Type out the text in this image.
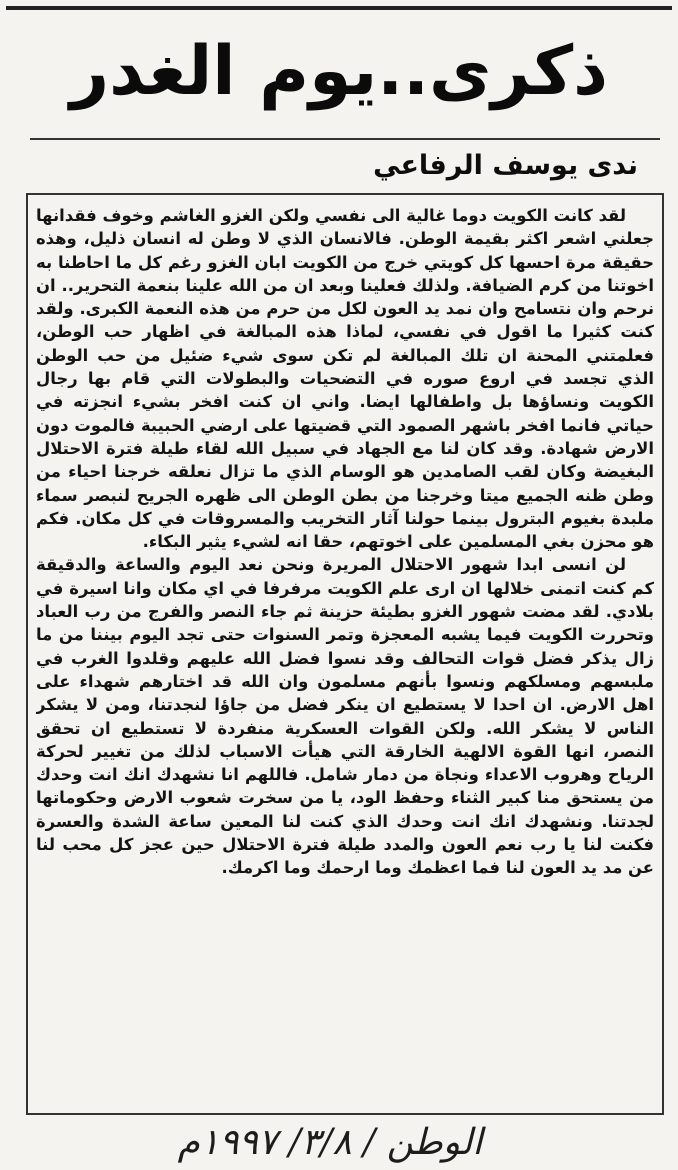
ذكرى..يوم الغدر
ندى يوسف الرفاعي

لقد كانت الكويت دوما غالية الى نفسي ولكن الغزو الغاشم وخوف فقدانها جعلني اشعر اكثر بقيمة الوطن. فالانسان الذي لا وطن له انسان ذليل، وهذه حقيقة مرة احسها كل كويتي خرج من الكويت ابان الغزو رغم كل ما احاطنا به اخوتنا من كرم الضيافة. ولذلك فعلينا وبعد ان من الله علينا بنعمة التحرير.. ان نرحم وان نتسامح وان نمد يد العون لكل من حرم من هذه النعمة الكبرى. ولقد كنت كثيرا ما اقول في نفسي، لماذا هذه المبالغة في اظهار حب الوطن، فعلمتني المحنة ان تلك المبالغة لم تكن سوى شيء ضئيل من حب الوطن الذي تجسد في اروع صوره في التضحيات والبطولات التي قام بها رجال الكويت ونساؤها بل واطفالها ايضا. واني ان كنت افخر بشيء انجزته في حياتي فانما افخر باشهر الصمود التي قضيتها على ارضي الحبيبة فالموت دون الارض شهادة. وقد كان لنا مع الجهاد في سبيل الله لقاء طيلة فترة الاحتلال البغيضة وكان لقب الصامدين هو الوسام الذي ما تزال نعلقه خرجنا احياء من وطن ظنه الجميع ميتا وخرجنا من بطن الوطن الى ظهره الجريح لنبصر سماء ملبدة بغيوم البترول بينما حولنا آثار التخريب والمسروقات في كل مكان. فكم هو محزن بغي المسلمين على اخوتهم، حقا انه لشيء يثير البكاء.

لن انسى ابدا شهور الاحتلال المريرة ونحن نعد اليوم والساعة والدقيقة كم كنت اتمنى خلالها ان ارى علم الكويت مرفرفا في اي مكان وانا اسيرة في بلادي. لقد مضت شهور الغزو بطيئة حزينة ثم جاء النصر والفرج من رب العباد وتحررت الكويت فيما يشبه المعجزة وتمر السنوات حتى تجد اليوم بيننا من ما زال يذكر فضل قوات التحالف وقد نسوا فضل الله عليهم وقلدوا الغرب في ملبسهم ومسلكهم ونسوا بأنهم مسلمون وان الله قد اختارهم شهداء على اهل الارض. ان احدا لا يستطيع ان ينكر فضل من جاؤا لنجدتنا، ومن لا يشكر الناس لا يشكر الله. ولكن القوات العسكرية منفردة لا تستطيع ان تحقق النصر، انها القوة الالهية الخارقة التي هيأت الاسباب لذلك من تغيير لحركة الرياح وهروب الاعداء ونجاة من دمار شامل. فاللهم انا نشهدك انك انت وحدك من يستحق منا كبير الثناء وحفظ الود، يا من سخرت شعوب الارض وحكوماتها لجدتنا. ونشهدك انك انت وحدك الذي كنت لنا المعين ساعة الشدة والعسرة فكنت لنا يا رب نعم العون والمدد طيلة فترة الاحتلال حين عجز كل محب لنا عن مد يد العون لنا فما اعظمك وما ارحمك وما اكرمك.

الوطن / ٣/٨/ ١٩٩٧م
